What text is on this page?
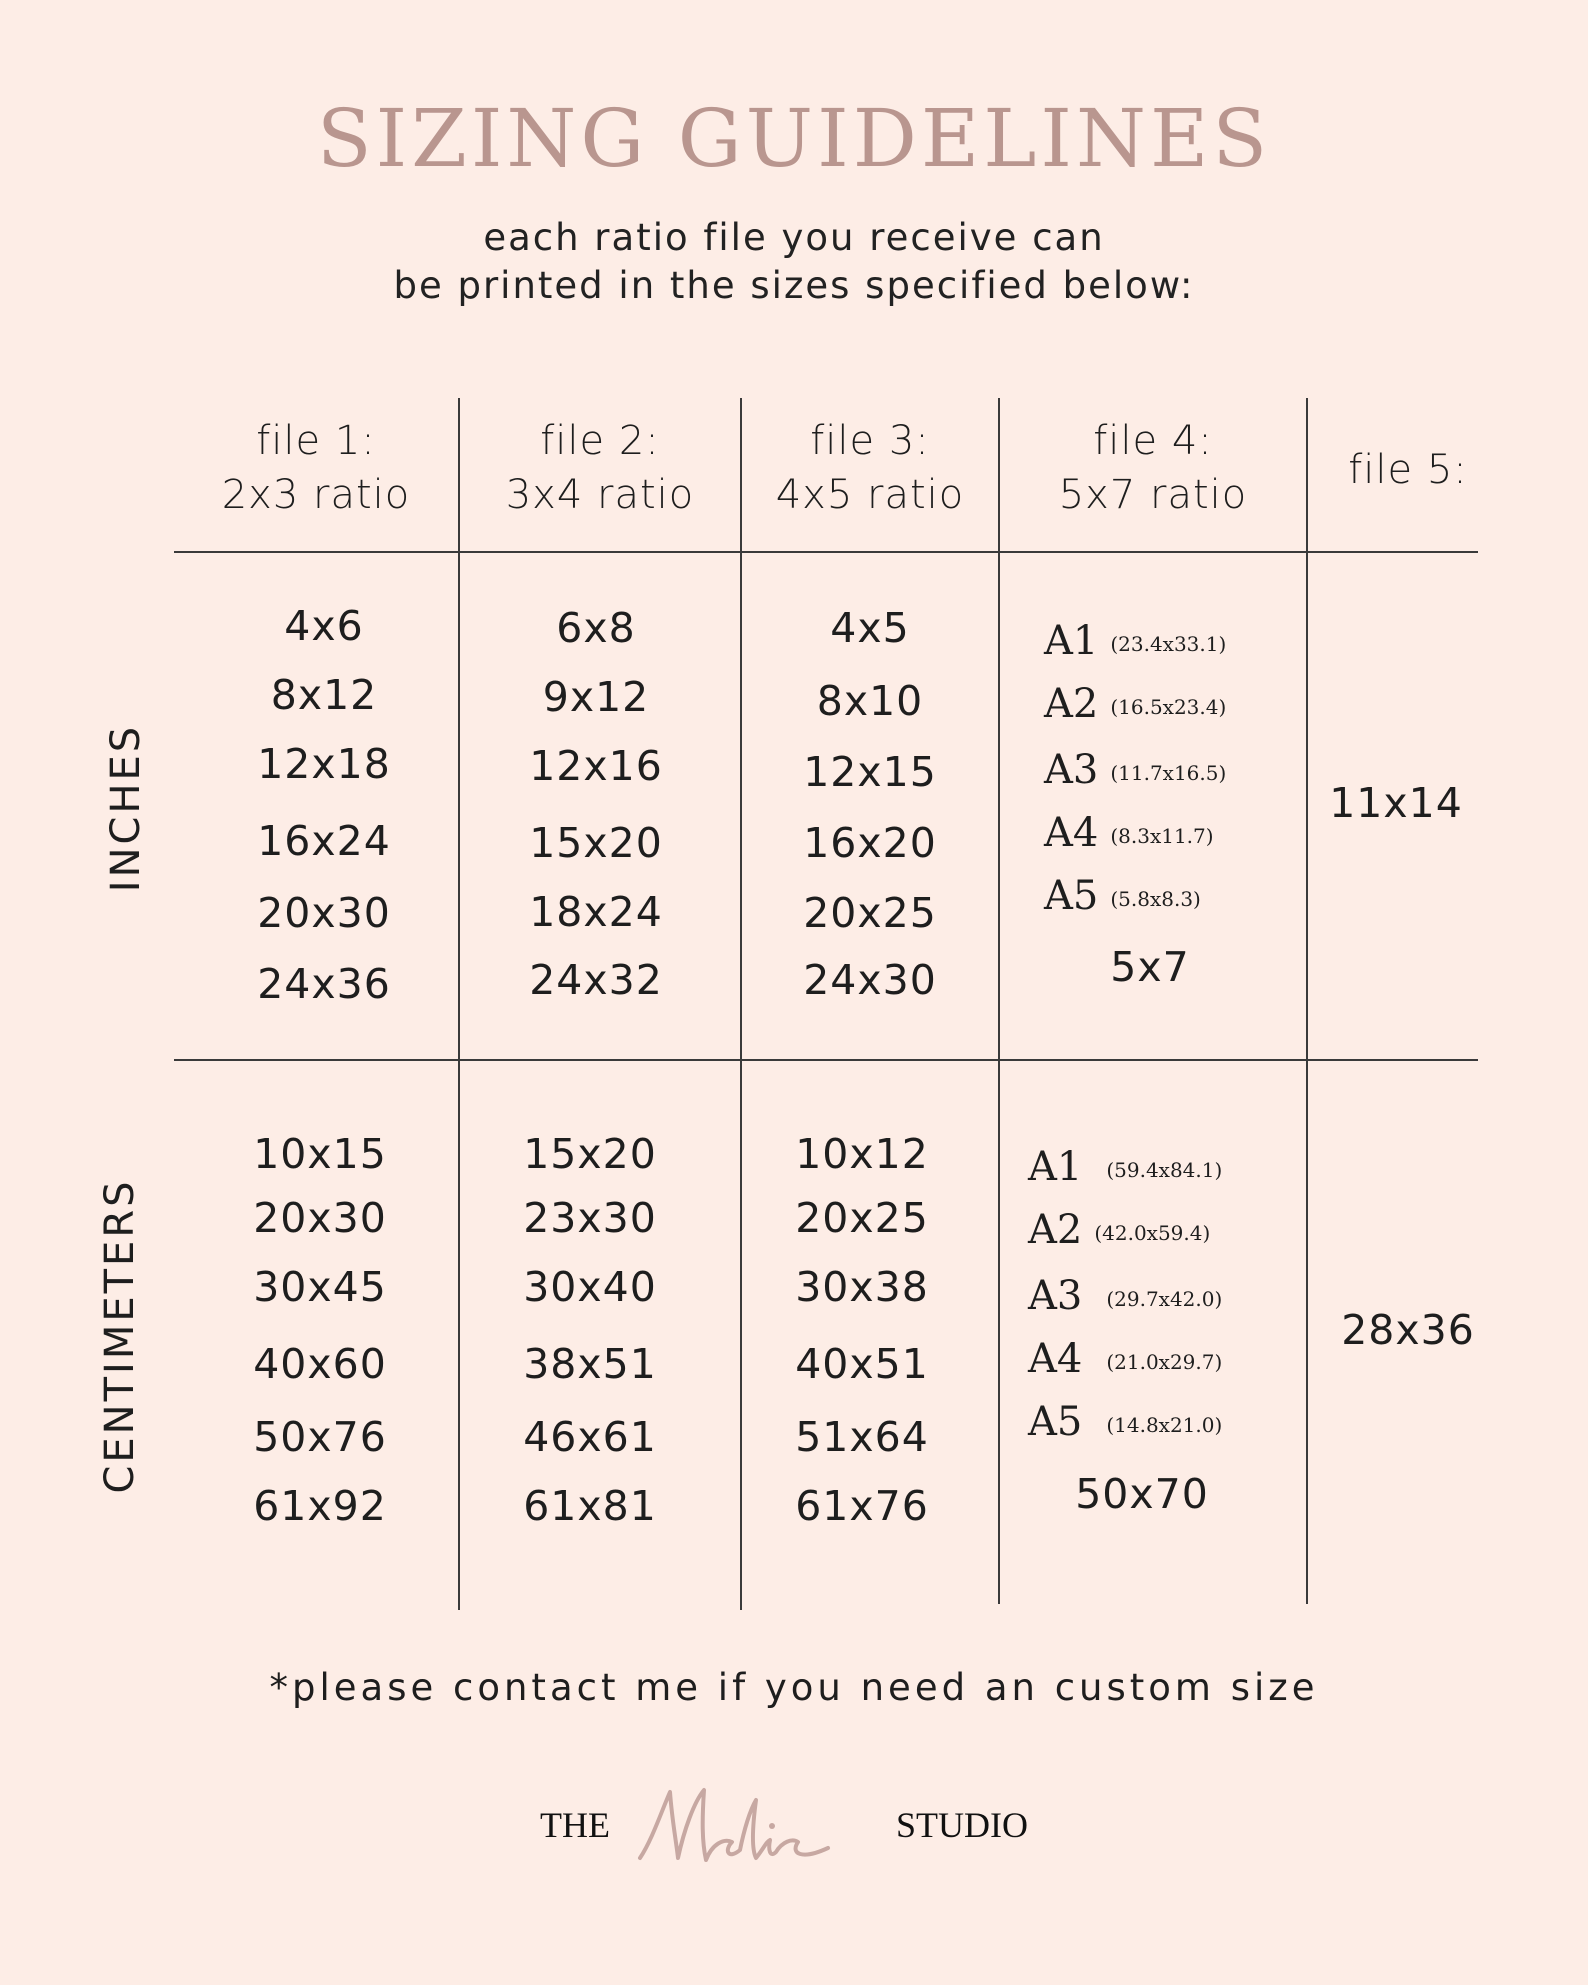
SIZING GUIDELINES
each ratio file you receive can
be printed in the sizes specified below:
file 1:
2x3 ratio
file 2:
3x4 ratio
file 3:
4x5 ratio
file 4:
5x7 ratio
file 5:
INCHES
CENTIMETERS
4x6
8x12
12x18
16x24
20x30
24x36
6x8
9x12
12x16
15x20
18x24
24x32
4x5
8x10
12x15
16x20
20x25
24x30
A1 (23.4x33.1)
A2 (16.5x23.4)
A3 (11.7x16.5)
A4 (8.3x11.7)
A5 (5.8x8.3)
5x7
11x14
10x15
20x30
30x45
40x60
50x76
61x92
15x20
23x30
30x40
38x51
46x61
61x81
10x12
20x25
30x38
40x51
51x64
61x76
A1 (59.4x84.1)
A2 (42.0x59.4)
A3 (29.7x42.0)
A4 (21.0x29.7)
A5 (14.8x21.0)
50x70
28x36
*please contact me if you need an custom size
THE	STUDIO
